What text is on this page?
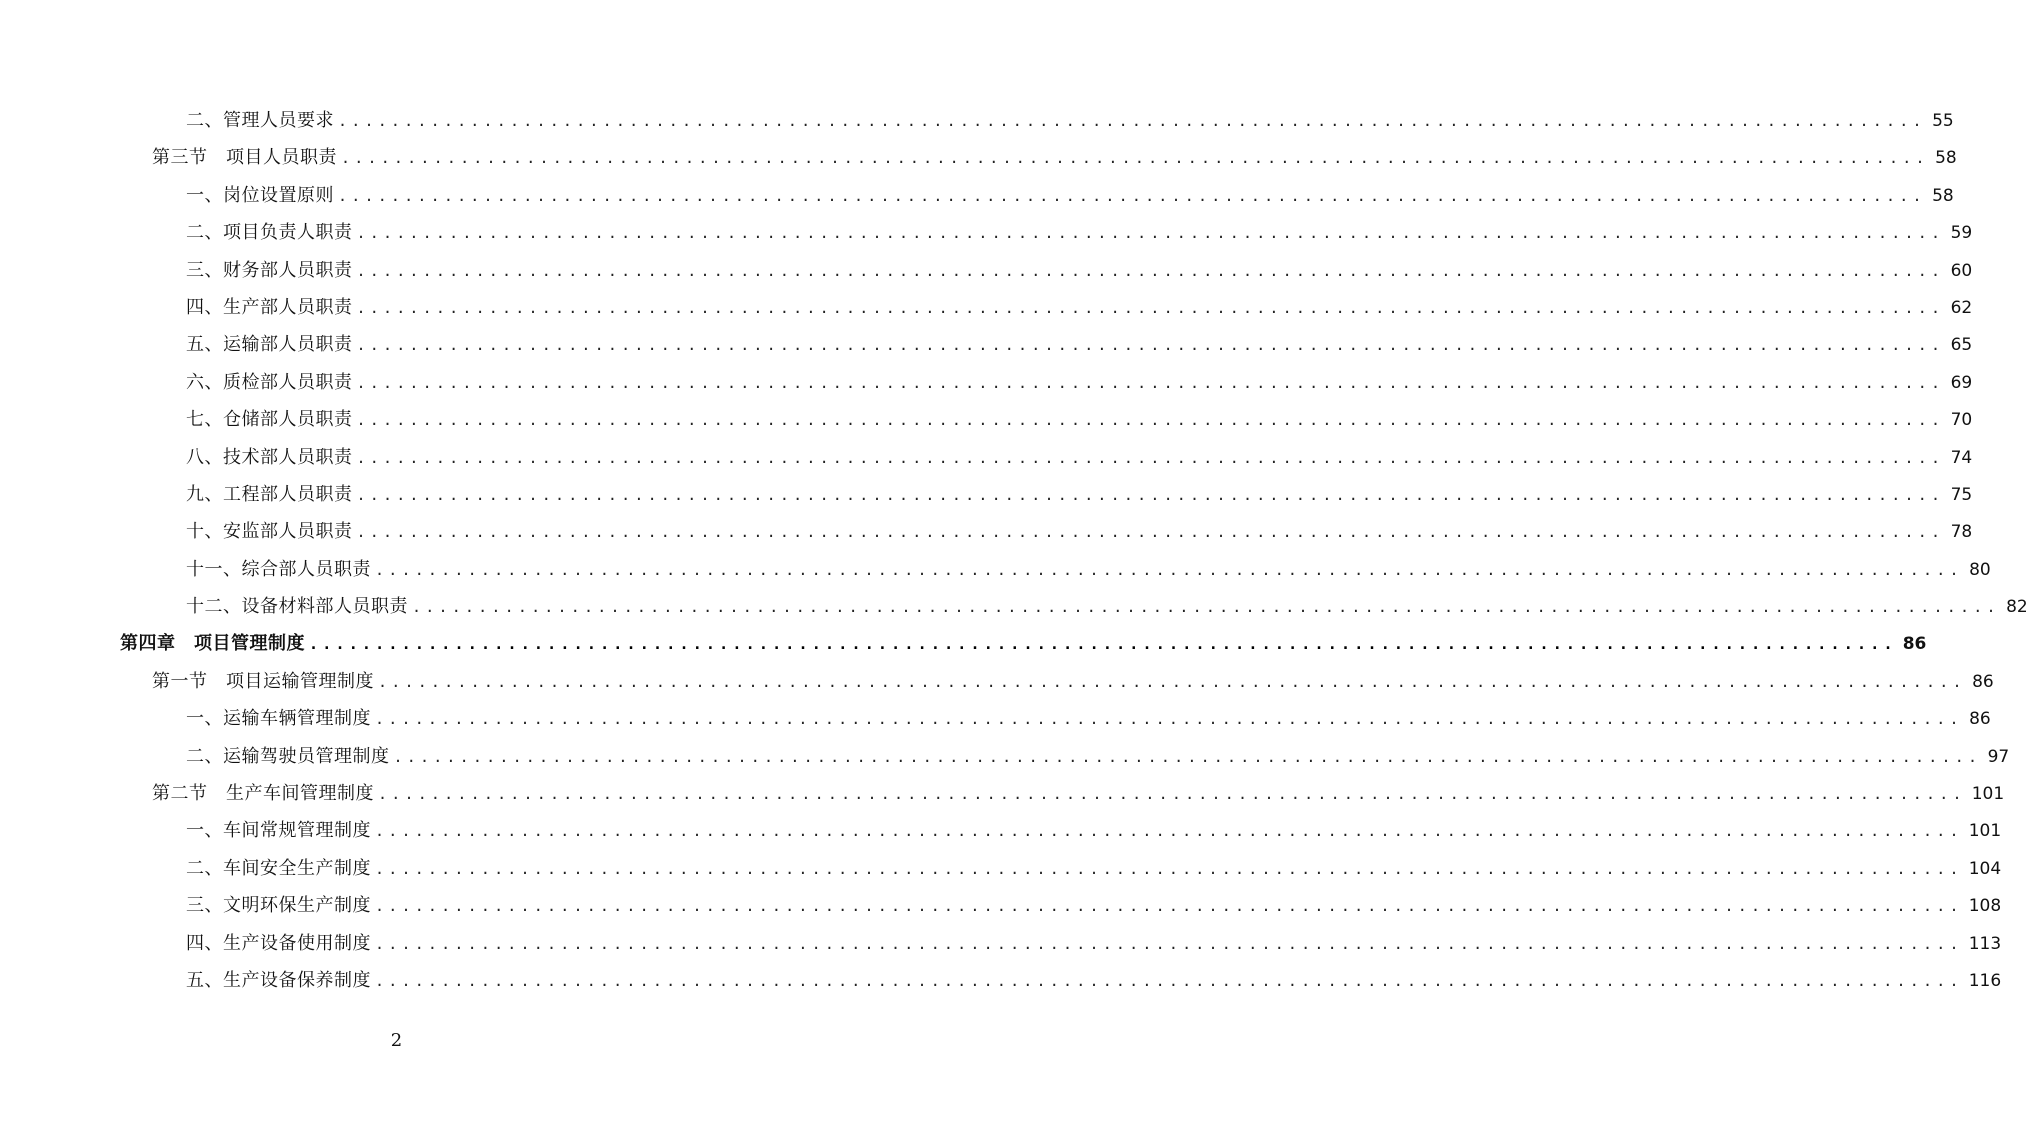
二、管理人员要求 ........................................................................................................................ 55
第三节　项目人员职责 ........................................................................................................................ 58
一、岗位设置原则 ........................................................................................................................ 58
二、项目负责人职责 ........................................................................................................................ 59
三、财务部人员职责 ........................................................................................................................ 60
四、生产部人员职责 ........................................................................................................................ 62
五、运输部人员职责 ........................................................................................................................ 65
六、质检部人员职责 ........................................................................................................................ 69
七、仓储部人员职责 ........................................................................................................................ 70
八、技术部人员职责 ........................................................................................................................ 74
九、工程部人员职责 ........................................................................................................................ 75
十、安监部人员职责 ........................................................................................................................ 78
十一、综合部人员职责 ........................................................................................................................ 80
十二、设备材料部人员职责 ........................................................................................................................ 82
第四章　项目管理制度 ........................................................................................................................ 86
第一节　项目运输管理制度 ........................................................................................................................ 86
一、运输车辆管理制度 ........................................................................................................................ 86
二、运输驾驶员管理制度 ........................................................................................................................ 97
第二节　生产车间管理制度 ........................................................................................................................ 101
一、车间常规管理制度 ........................................................................................................................ 101
二、车间安全生产制度 ........................................................................................................................ 104
三、文明环保生产制度 ........................................................................................................................ 108
四、生产设备使用制度 ........................................................................................................................ 113
五、生产设备保养制度 ........................................................................................................................ 116
2
